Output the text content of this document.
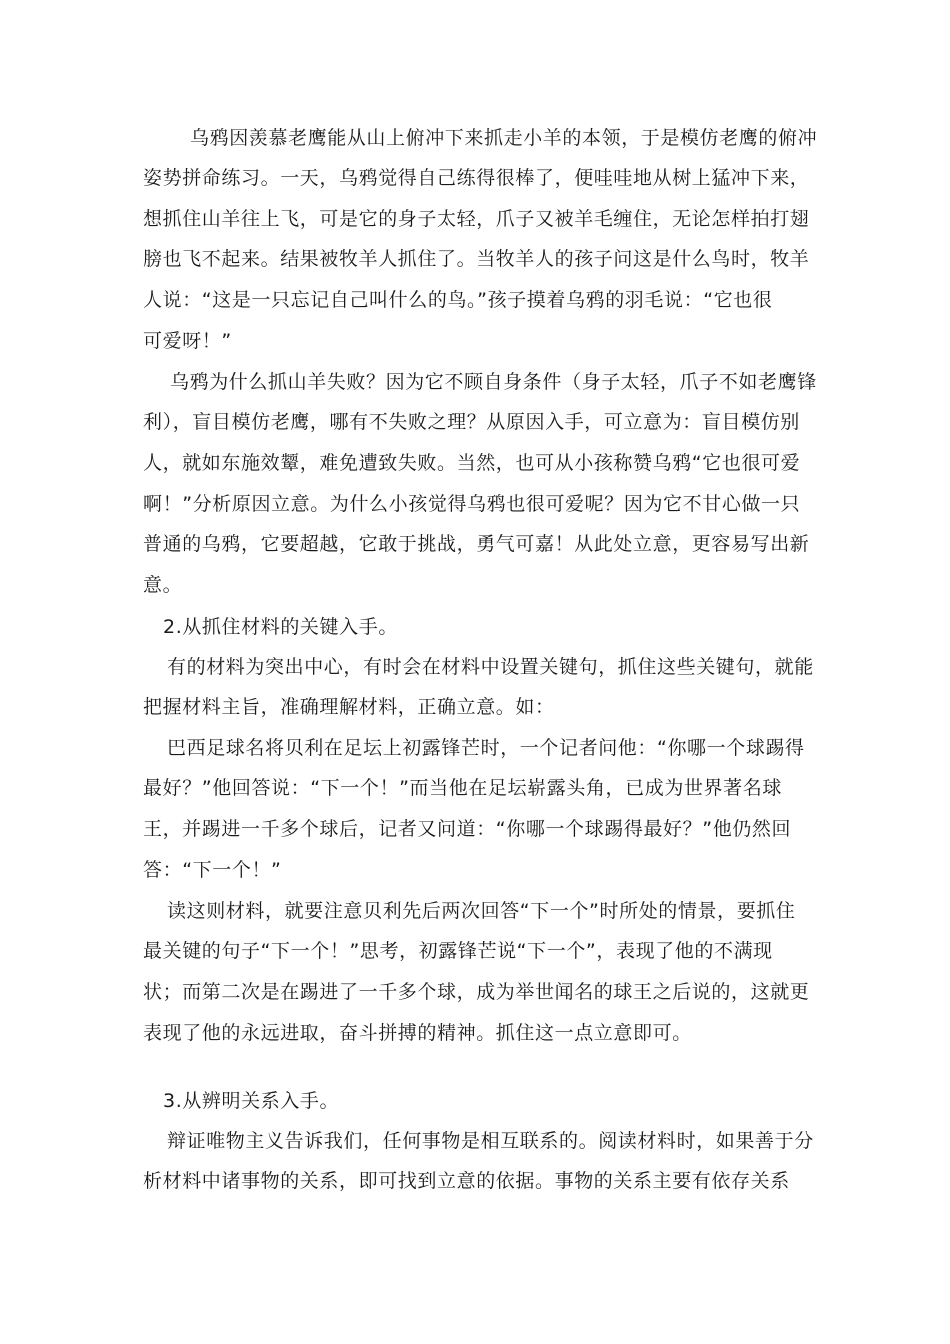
乌鸦因羡慕老鹰能从山上俯冲下来抓走小羊的本领，于是模仿老鹰的俯冲
姿势拼命练习。一天，乌鸦觉得自己练得很棒了，便哇哇地从树上猛冲下来，
想抓住山羊往上飞，可是它的身子太轻，爪子又被羊毛缠住，无论怎样拍打翅
膀也飞不起来。结果被牧羊人抓住了。当牧羊人的孩子问这是什么鸟时，牧羊
人说：“这是一只忘记自己叫什么的鸟。”孩子摸着乌鸦的羽毛说：“它也很
可爱呀！”
乌鸦为什么抓山羊失败？因为它不顾自身条件（身子太轻，爪子不如老鹰锋
利），盲目模仿老鹰，哪有不失败之理？从原因入手，可立意为：盲目模仿别
人，就如东施效颦，难免遭致失败。当然，也可从小孩称赞乌鸦“它也很可爱
啊！”分析原因立意。为什么小孩觉得乌鸦也很可爱呢？因为它不甘心做一只
普通的乌鸦，它要超越，它敢于挑战，勇气可嘉！从此处立意，更容易写出新
意。
2.从抓住材料的关键入手。
有的材料为突出中心，有时会在材料中设置关键句，抓住这些关键句，就能
把握材料主旨，准确理解材料，正确立意。如：
巴西足球名将贝利在足坛上初露锋芒时，一个记者问他：“你哪一个球踢得
最好？”他回答说：“下一个！”而当他在足坛崭露头角，已成为世界著名球
王，并踢进一千多个球后，记者又问道：“你哪一个球踢得最好？”他仍然回
答：“下一个！”
读这则材料，就要注意贝利先后两次回答“下一个”时所处的情景，要抓住
最关键的句子“下一个！”思考，初露锋芒说“下一个”，表现了他的不满现
状；而第二次是在踢进了一千多个球，成为举世闻名的球王之后说的，这就更
表现了他的永远进取，奋斗拼搏的精神。抓住这一点立意即可。
3.从辨明关系入手。
辩证唯物主义告诉我们，任何事物是相互联系的。阅读材料时，如果善于分
析材料中诸事物的关系，即可找到立意的依据。事物的关系主要有依存关系
